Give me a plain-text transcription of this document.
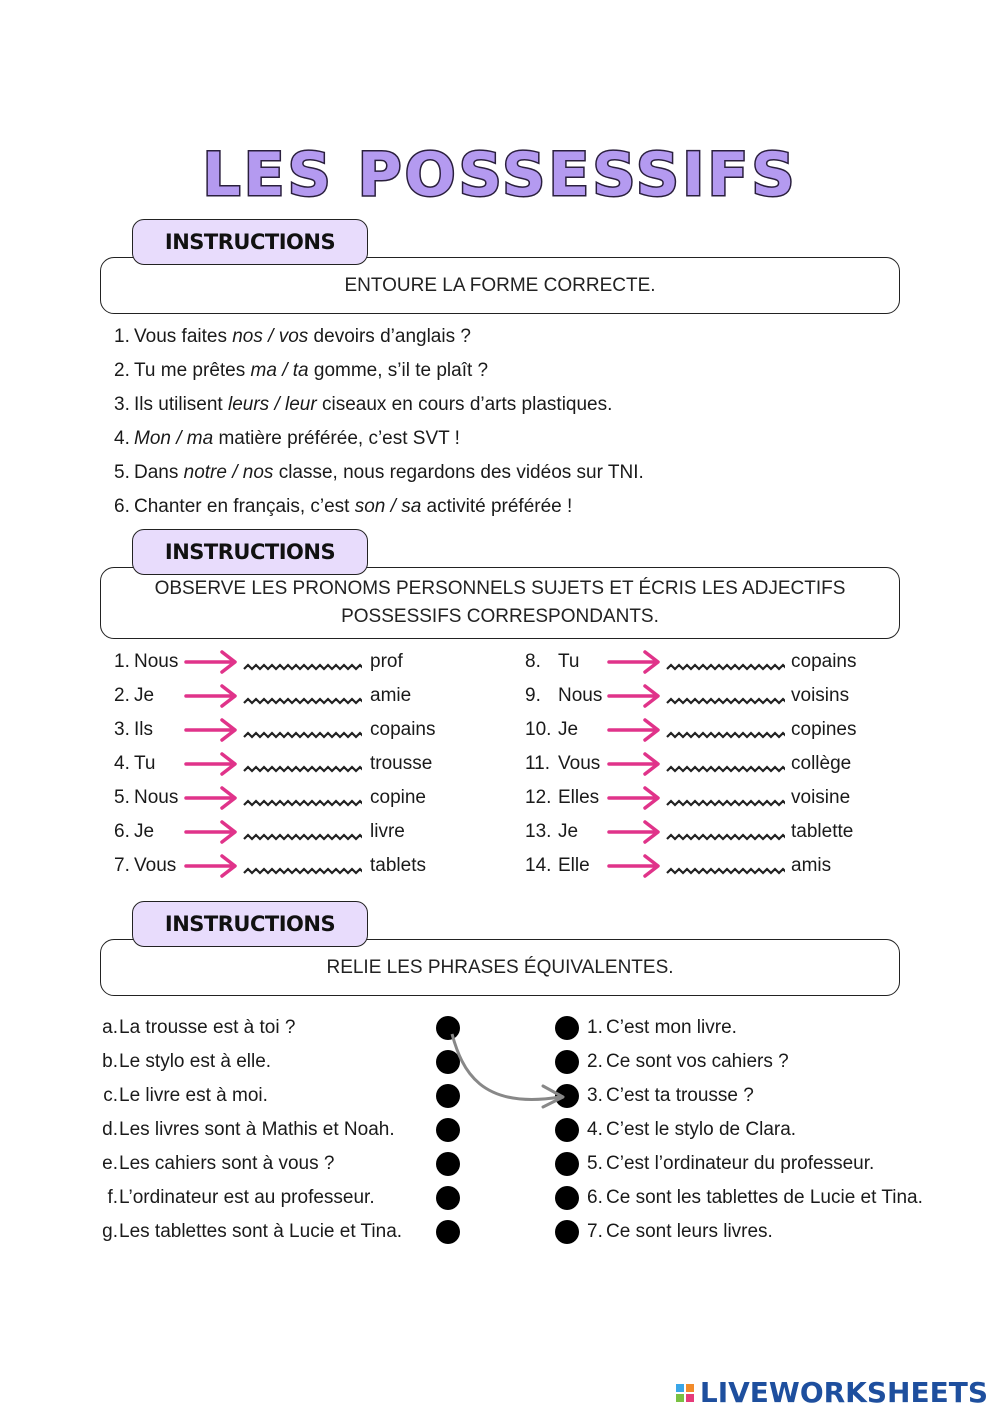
LES POSSESSIFS
INSTRUCTIONS
ENTOURE LA FORME CORRECTE.
1. Vous faites nos / vos devoirs d’anglais ?
2. Tu me prêtes ma / ta gomme, s’il te plaît ?
3. Ils utilisent leurs / leur ciseaux en cours d’arts plastiques.
4. Mon / ma matière préférée, c’est SVT !
5. Dans notre / nos classe, nous regardons des vidéos sur TNI.
6. Chanter en français, c’est son / sa activité préférée !
INSTRUCTIONS
OBSERVE LES PRONOMS PERSONNELS SUJETS ET ÉCRIS LES ADJECTIFS POSSESSIFS CORRESPONDANTS.
1. Nous	prof
2. Je	amie
3. Ils	copains
4. Tu	trousse
5. Nous	copine
6. Je	livre
7. Vous	tablets
8. Tu	copains
9. Nous	voisins
10. Je	copines
11. Vous	collège
12. Elles	voisine
13. Je	tablette
14. Elle	amis
INSTRUCTIONS
RELIE LES PHRASES ÉQUIVALENTES.
a. La trousse est à toi ?
b. Le stylo est à elle.
c. Le livre est à moi.
d. Les livres sont à Mathis et Noah.
e. Les cahiers sont à vous ?
f. L’ordinateur est au professeur.
g. Les tablettes sont à Lucie et Tina.
1. C’est mon livre.
2. Ce sont vos cahiers ?
3. C’est ta trousse ?
4. C’est le stylo de Clara.
5. C’est l’ordinateur du professeur.
6. Ce sont les tablettes de Lucie et Tina.
7. Ce sont leurs livres.
LIVEWORKSHEETS
